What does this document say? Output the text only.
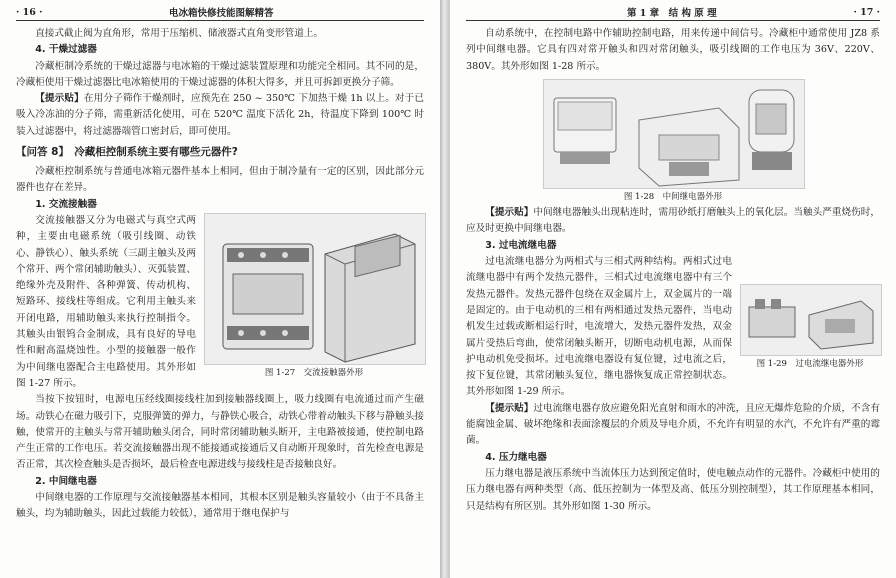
· 16 ·	电冰箱快修技能图解精答

直接式截止阀为直角形，常用于压缩机、储液器式直角变形管道上。

4. 干燥过滤器

冷藏柜制冷系统的干燥过滤器与电冰箱的干燥过滤装置原理和功能完全相同。其不同的是，冷藏柜使用干燥过滤器比电冰箱使用的干燥过滤器的体积大得多，并且可拆卸更换分子筛。

【提示贴】在用分子筛作干燥剂时，应预先在 250 ~ 350℃ 下加热干燥 1h 以上。对于已吸入冷冻油的分子筛，需重新活化使用，可在 520℃ 温度下活化 2h，待温度下降到 100℃ 时装入过滤器中，将过滤器端管口密封后，即可使用。

【问答 8】　冷藏柜控制系统主要有哪些元器件?

冷藏柜控制系统与普通电冰箱元器件基本上相同，但由于制冷量有一定的区别，因此部分元器件也存在差异。

1. 交流接触器
图 1-27　交流接触器外形

交流接触器又分为电磁式与真空式两种，主要由电磁系统（吸引线圈、动铁心、静铁心）、触头系统（三副主触头及两个常开、两个常闭辅助触头）、灭弧装置、绝缘外壳及附件、各种弹簧、传动机构、短路环、接线柱等组成。它利用主触头来开闭电路，用辅助触头来执行控制指令。其触头由银钨合金制成，具有良好的导电性和耐高温烧蚀性。小型的接触器一般作为中间继电器配合主电路使用。其外形如图 1-27 所示。

当按下按钮时，电源电压经线圈接线柱加到接触器线圈上，吸力线圈有电流通过而产生磁场。动铁心在磁力吸引下，克服弹簧的弹力，与静铁心吸合，动铁心带着动触头下移与静触头接触，使常开的主触头与常开辅助触头闭合，同时常闭辅助触头断开，主电路被接通，使控制电路产生正常的工作电压。若交流接触器出现不能接通或接通后又自动断开现象时，首先检查电源是否正常，其次检查触头是否损坏，最后检查电源进线与接线柱是否接触良好。

2. 中间继电器

中间继电器的工作原理与交流接触器基本相同，其根本区别是触头容量较小（由于不具备主触头，均为辅助触头，因此过载能力较低），通常用于继电保护与

第 1 章　结 构 原 理	· 17 ·

自动系统中，在控制电路中作辅助控制电路，用来传递中间信号。冷藏柜中通常使用 JZ8 系列中间继电器。它具有四对常开触头和四对常闭触头，吸引线圈的工作电压为 36V、220V、380V。其外形如图 1-28 所示。

图 1-28　中间继电器外形

【提示贴】中间继电器触头出现粘连时，需用砂纸打磨触头上的氧化层。当触头严重烧伤时，应及时更换中间继电器。

3. 过电流继电器
图 1-29　过电流继电器外形

过电流继电器分为两相式与三相式两种结构。两相式过电流继电器中有两个发热元器件，三相式过电流继电器中有三个发热元器件。发热元器件包绕在双金属片上，双金属片的一端是固定的。由于电动机的三相有两相通过发热元器件，当电动机发生过载或断相运行时，电流增大，发热元器件发热，双金属片受热后弯曲，使常闭触头断开，切断电动机电源，从而保护电动机免受损坏。过电流继电器设有复位键，过电流之后，按下复位键，其常闭触头复位，继电器恢复成正常控制状态。其外形如图 1-29 所示。

【提示贴】过电流继电器存放应避免阳光直射和雨水的冲洗，且应无爆炸危险的介质，不含有能腐蚀金属、破坏绝缘和表面涂覆层的介质及导电介质，不允许有明显的水汽，不允许有严重的霉菌。

4. 压力继电器

压力继电器是液压系统中当流体压力达到预定值时，使电触点动作的元器件。冷藏柜中使用的压力继电器有两种类型（高、低压控制为一体型及高、低压分别控制型），其工作原理基本相同，只是结构有所区别。其外形如图 1-30 所示。
